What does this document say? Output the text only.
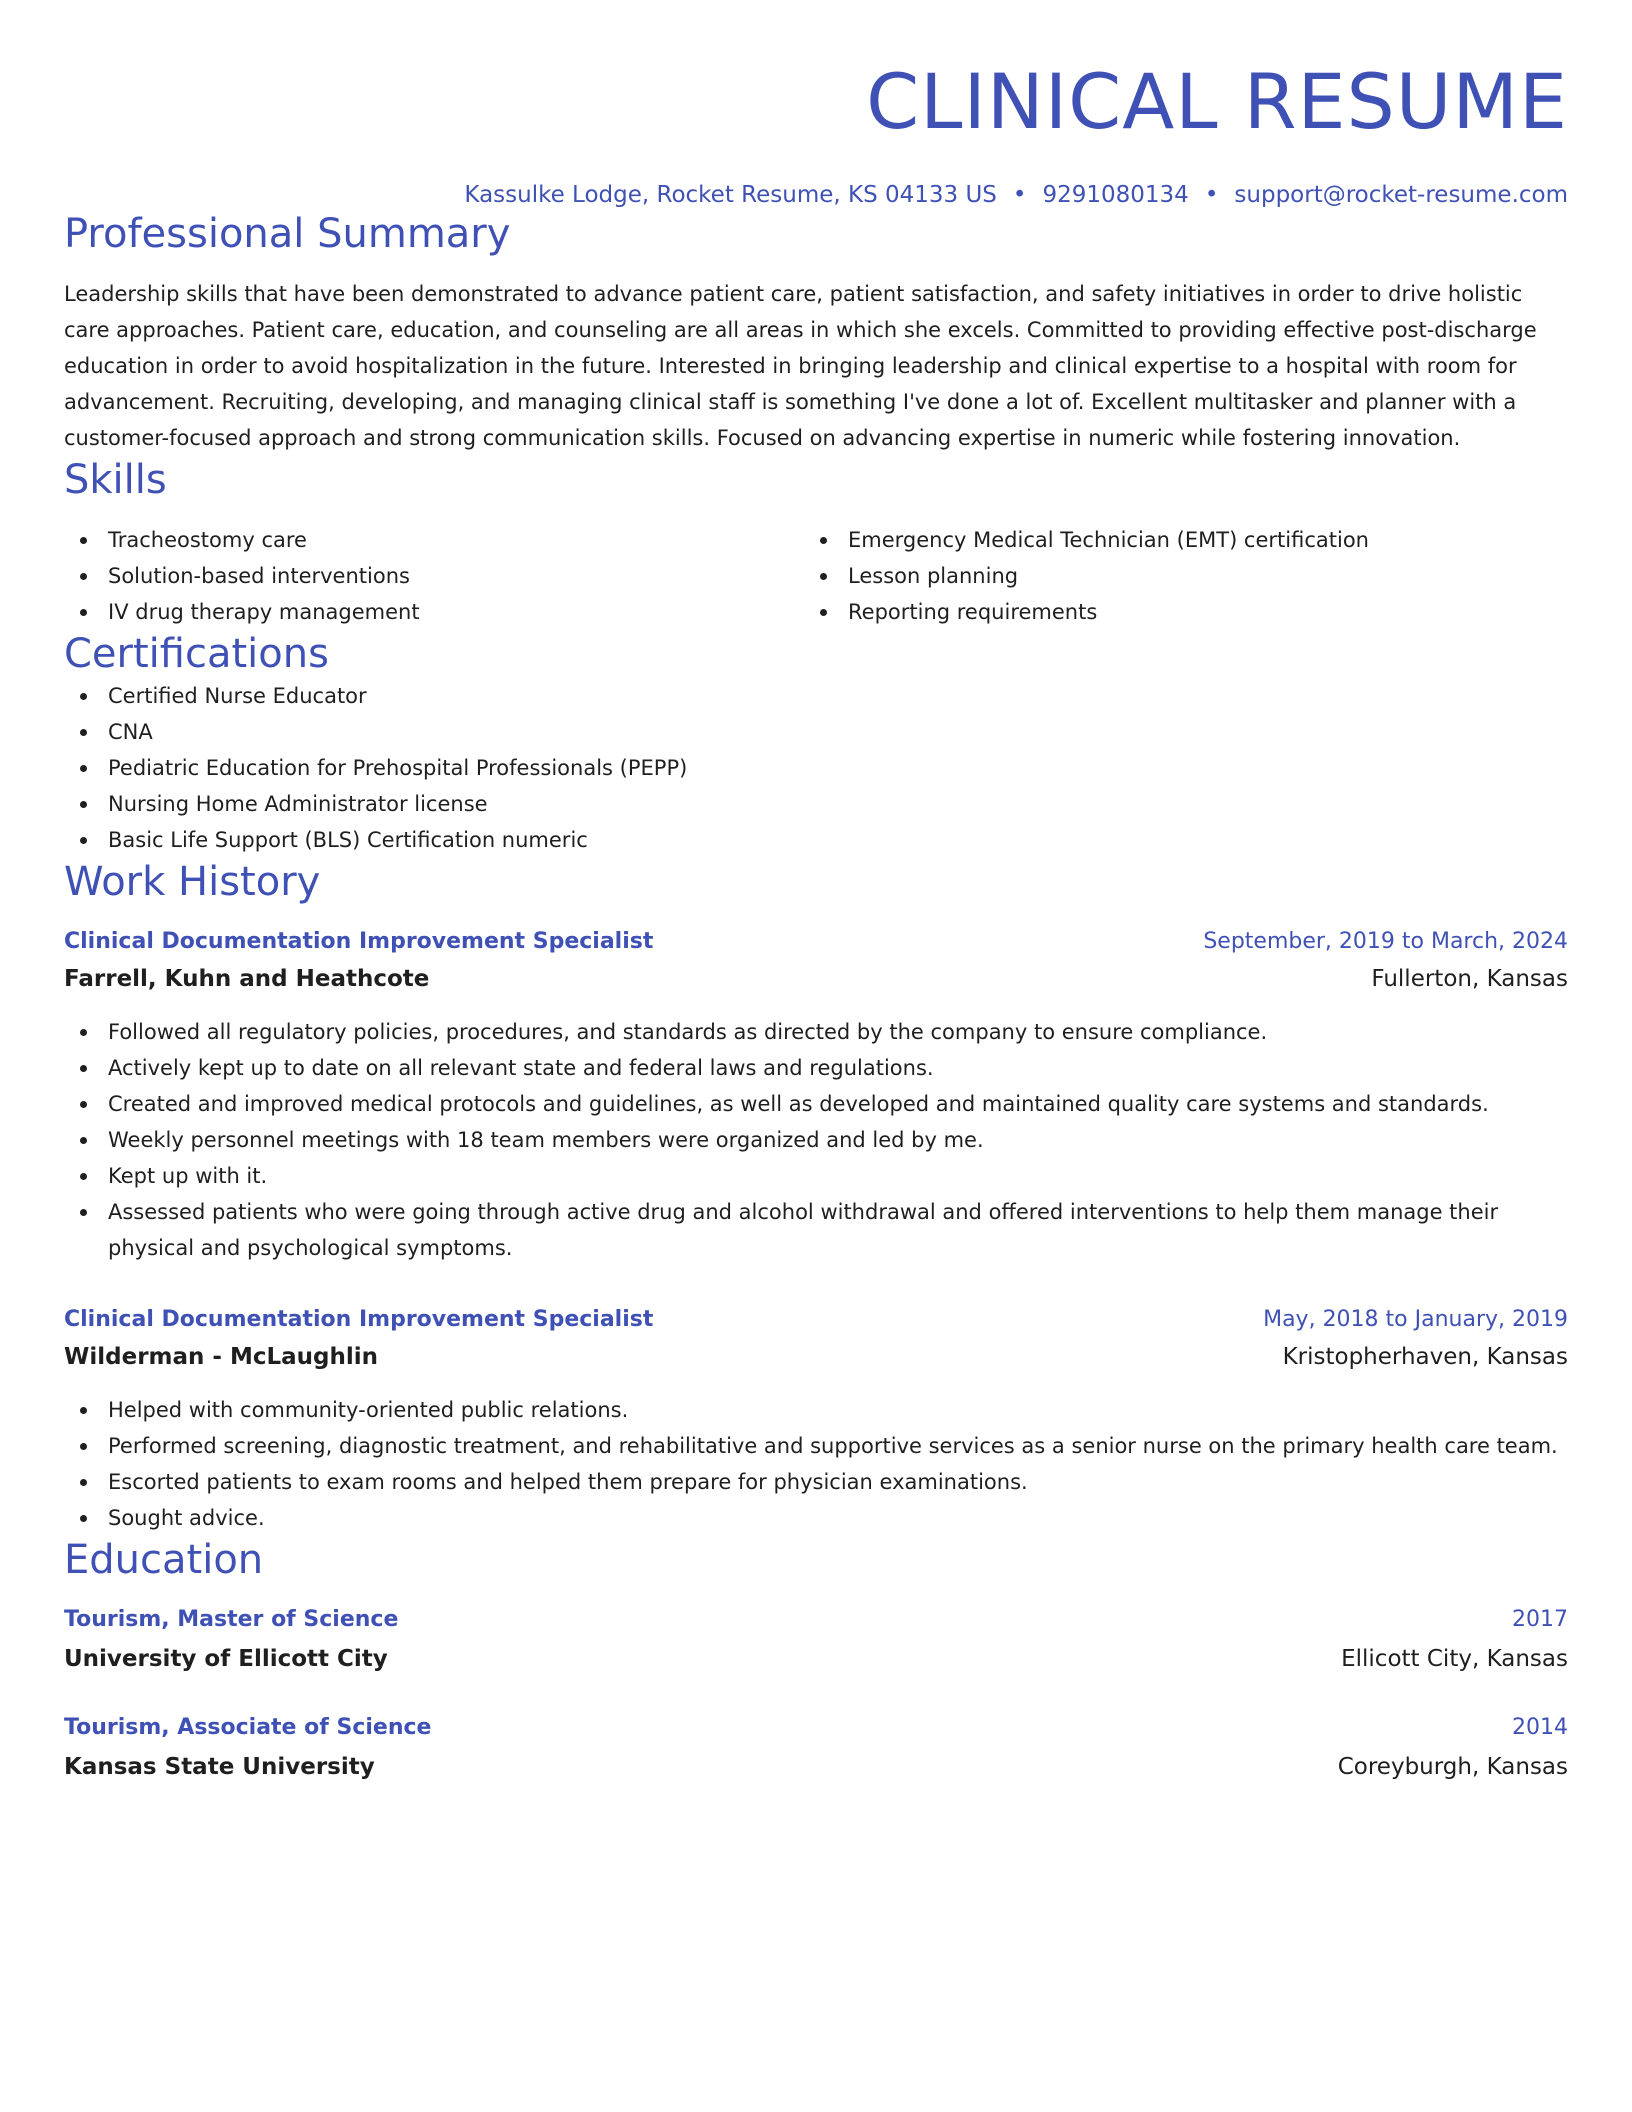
CLINICAL RESUME
Kassulke Lodge, Rocket Resume, KS 04133 US • 9291080134 • support@rocket-resume.com
Professional Summary

Leadership skills that have been demonstrated to advance patient care, patient satisfaction, and safety initiatives in order to drive holistic care approaches. Patient care, education, and counseling are all areas in which she excels. Committed to providing effective post-discharge education in order to avoid hospitalization in the future. Interested in bringing leadership and clinical expertise to a hospital with room for advancement. Recruiting, developing, and managing clinical staff is something I've done a lot of. Excellent multitasker and planner with a customer-focused approach and strong communication skills. Focused on advancing expertise in numeric while fostering innovation.

Skills
Tracheostomy care
Solution-based interventions
IV drug therapy management
Emergency Medical Technician (EMT) certification
Lesson planning
Reporting requirements
Certifications
Certified Nurse Educator
CNA
Pediatric Education for Prehospital Professionals (PEPP)
Nursing Home Administrator license
Basic Life Support (BLS) Certification numeric
Work History
Clinical Documentation Improvement Specialist	September, 2019 to March, 2024
Farrell, Kuhn and Heathcote	Fullerton, Kansas
Followed all regulatory policies, procedures, and standards as directed by the company to ensure compliance.
Actively kept up to date on all relevant state and federal laws and regulations.
Created and improved medical protocols and guidelines, as well as developed and maintained quality care systems and standards.
Weekly personnel meetings with 18 team members were organized and led by me.
Kept up with it.
Assessed patients who were going through active drug and alcohol withdrawal and offered interventions to help them manage their physical and psychological symptoms.
Clinical Documentation Improvement Specialist	May, 2018 to January, 2019
Wilderman - McLaughlin	Kristopherhaven, Kansas
Helped with community-oriented public relations.
Performed screening, diagnostic treatment, and rehabilitative and supportive services as a senior nurse on the primary health care team.
Escorted patients to exam rooms and helped them prepare for physician examinations.
Sought advice.
Education
Tourism, Master of Science	2017
University of Ellicott City	Ellicott City, Kansas
Tourism, Associate of Science	2014
Kansas State University	Coreyburgh, Kansas
